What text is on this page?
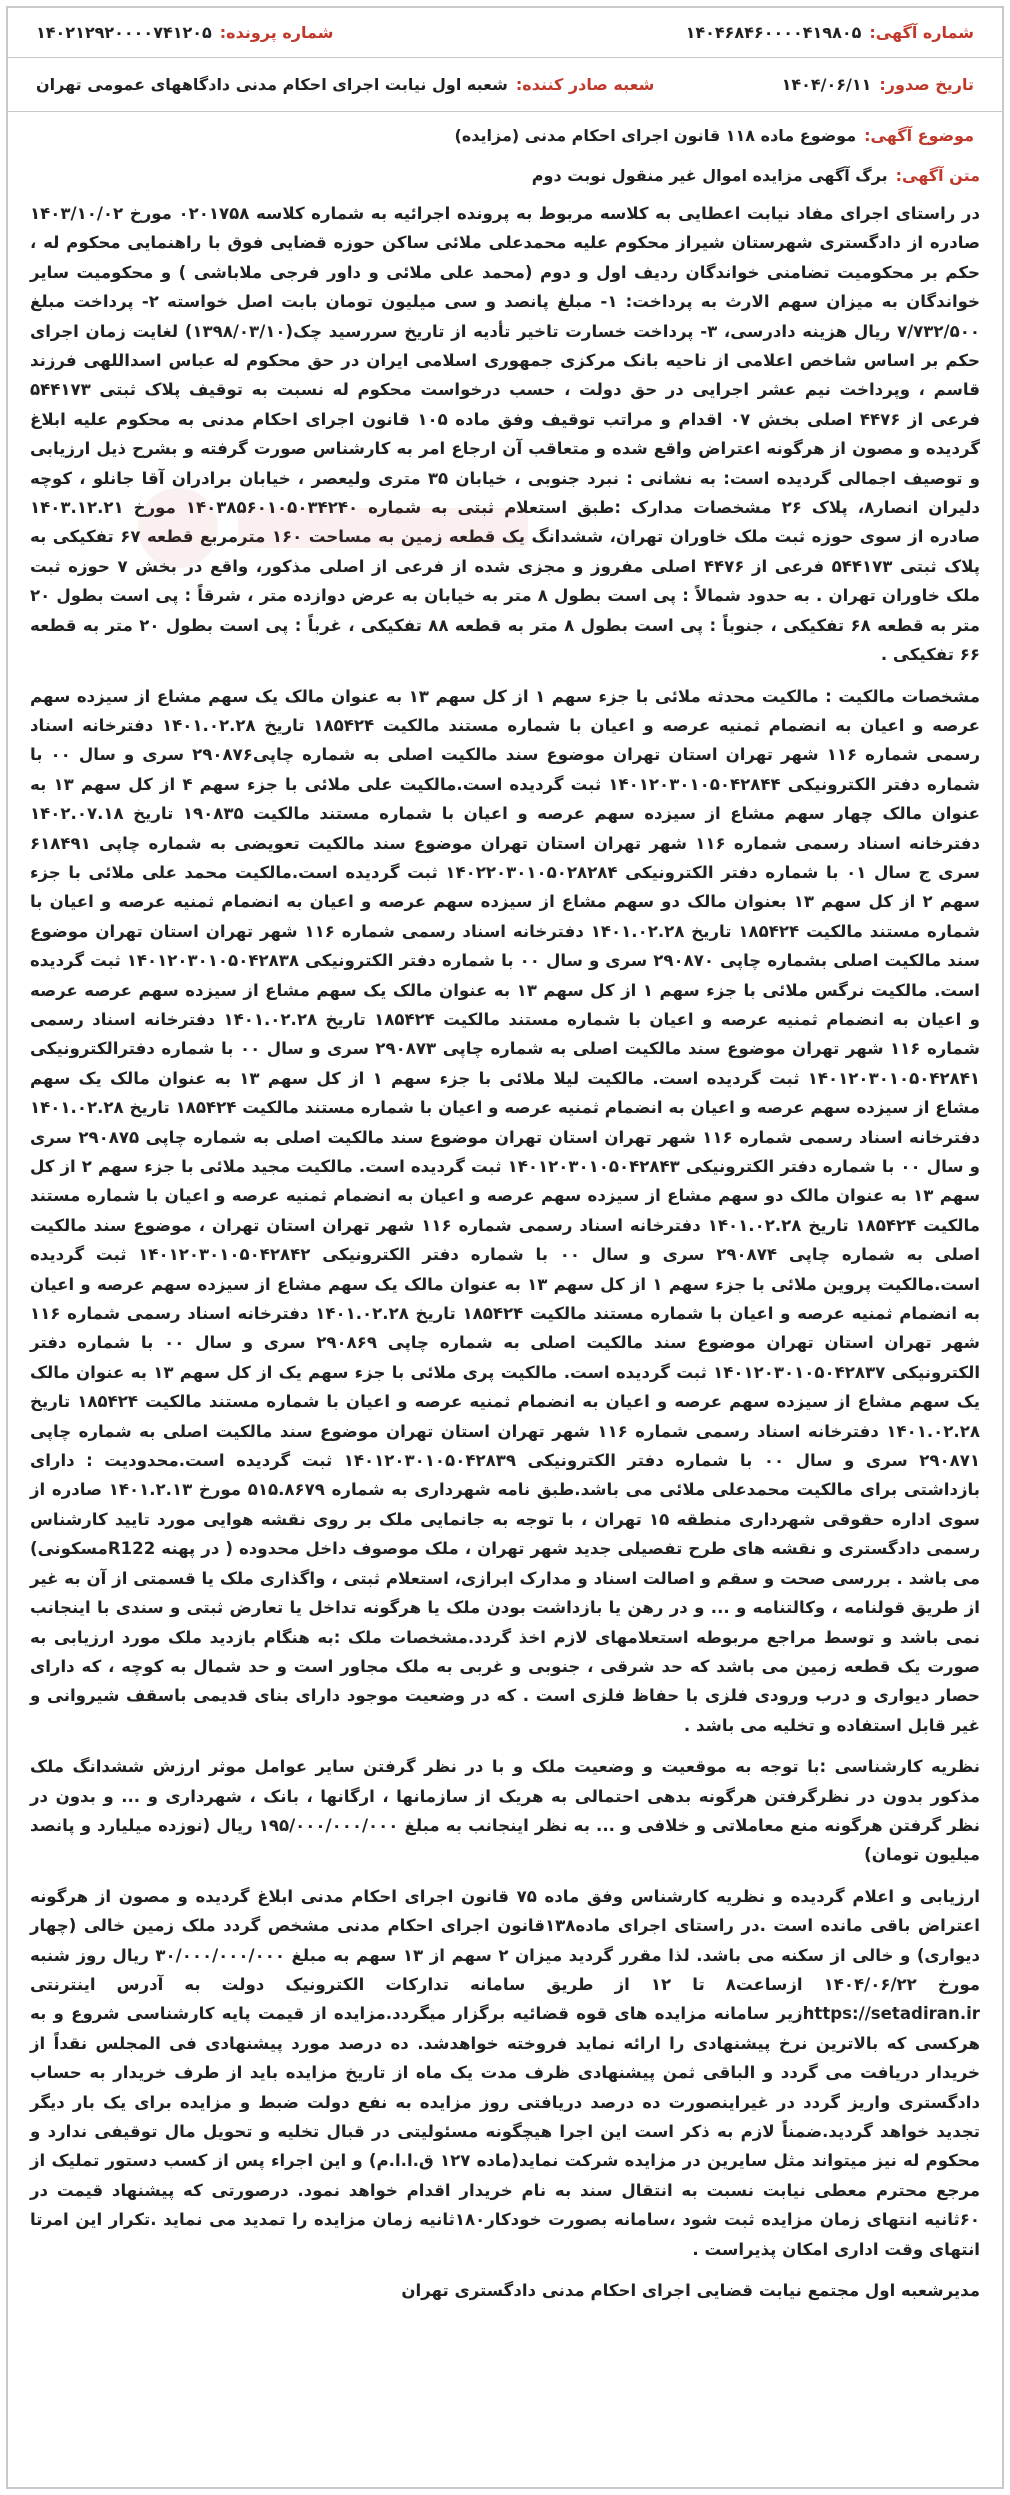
شماره آگهی:
۱۴۰۴۶۸۴۶۰۰۰۰۴۱۹۸۰۵
شماره پرونده:
۱۴۰۲۱۲۹۲۰۰۰۰۷۴۱۲۰۵
تاریخ صدور:
۱۴۰۴/۰۶/۱۱
شعبه صادر کننده:
شعبه اول نیابت اجرای احکام مدنی دادگاههای عمومی تهران
موضوع آگهی:
موضوع ماده ۱۱۸ قانون اجرای احکام مدنی (مزایده)
متن آگهی:
برگ آگهی مزایده اموال غیر منقول نوبت دوم

در راستای اجرای مفاد نیابت اعطایی به کلاسه مربوط به پرونده اجرائیه به شماره کلاسه ۰۲۰۱۷۵۸ مورخ ۱۴۰۳/۱۰/۰۲ صادره از دادگستری شهرستان شیراز محکوم علیه محمدعلی ملائی ساکن حوزه قضایی فوق با راهنمایی محکوم له ، حکم بر محکومیت تضامنی خواندگان ردیف اول و دوم (محمد علی ملائی و داور فرجی ملاباشی ) و محکومیت سایر خواندگان به میزان سهم الارث به پرداخت: ۱- مبلغ پانصد و سی میلیون تومان بابت اصل خواسته ۲- پرداخت مبلغ ۷/۷۳۲/۵۰۰ ریال هزینه دادرسی، ۳- پرداخت خسارت تاخیر تأدیه از تاریخ سررسید چک(۱۳۹۸/۰۳/۱۰) لغایت زمان اجرای حکم بر اساس شاخص اعلامی از ناحیه بانک مرکزی جمهوری اسلامی ایران در حق محکوم له عباس اسداللهی فرزند قاسم ، وپرداخت نیم عشر اجرایی در حق دولت ، حسب درخواست محکوم له نسبت به توقیف پلاک ثبتی ۵۴۴۱۷۳ فرعی از ۴۴۷۶ اصلی بخش ۰۷ اقدام و مراتب توقیف وفق ماده ۱۰۵ قانون اجرای احکام مدنی به محکوم علیه ابلاغ گردیده و مصون از هرگونه اعتراض واقع شده و متعاقب آن ارجاع امر به کارشناس صورت گرفته و بشرح ذیل ارزیابی و توصیف اجمالی گردیده است: به نشانی : نبرد جنوبی ، خیابان ۳۵ متری ولیعصر ، خیابان برادران آقا جانلو ، کوچه دلیران انصار۸، پلاک ۲۶ مشخصات مدارک :طبق استعلام ثبتی به شماره ۱۴۰۳۸۵۶۰۱۰۵۰۳۴۲۴۰ مورخ ۱۴۰۳.۱۲.۲۱ صادره از سوی حوزه ثبت ملک خاوران تهران، ششدانگ یک قطعه زمین به مساحت ۱۶۰ مترمربع قطعه ۶۷ تفکیکی به پلاک ثبتی ۵۴۴۱۷۳ فرعی از ۴۴۷۶ اصلی مفروز و مجزی شده از فرعی از اصلی مذکور، واقع در بخش ۷ حوزه ثبت ملک خاوران تهران . به حدود شمالاً : پی است بطول ۸ متر به خیابان به عرض دوازده متر ، شرقاً : پی است بطول ۲۰ متر به قطعه ۶۸ تفکیکی ، جنوباً : پی است بطول ۸ متر به قطعه ۸۸ تفکیکی ، غرباً : پی است بطول ۲۰ متر به قطعه ۶۶ تفکیکی .

مشخصات مالکیت : مالکیت محدثه ملائی با جزء سهم ۱ از کل سهم ۱۳ به عنوان مالک یک سهم مشاع از سیزده سهم عرصه و اعیان به انضمام ثمنیه عرصه و اعیان با شماره مستند مالکیت ۱۸۵۴۲۴ تاریخ ۱۴۰۱.۰۲.۲۸ دفترخانه اسناد رسمی شماره ۱۱۶ شهر تهران استان تهران موضوع سند مالکیت اصلی به شماره چاپی۲۹۰۸۷۶ سری و سال ۰۰ با شماره دفتر الکترونیکی ۱۴۰۱۲۰۳۰۱۰۵۰۴۲۸۴۴ ثبت گردیده است.مالکیت علی ملائی با جزء سهم ۴ از کل سهم ۱۳ به عنوان مالک چهار سهم مشاع از سیزده سهم عرصه و اعیان با شماره مستند مالکیت ۱۹۰۸۳۵ تاریخ ۱۴۰۲.۰۷.۱۸ دفترخانه اسناد رسمی شماره ۱۱۶ شهر تهران استان تهران موضوع سند مالکیت تعویضی به شماره چاپی ۶۱۸۴۹۱ سری ج سال ۰۱ با شماره دفتر الکترونیکی ۱۴۰۲۲۰۳۰۱۰۵۰۲۸۲۸۴ ثبت گردیده است.مالکیت محمد علی ملائی با جزء سهم ۲ از کل سهم ۱۳ بعنوان مالک دو سهم مشاع از سیزده سهم عرصه و اعیان به انضمام ثمنیه عرصه و اعیان با شماره مستند مالکیت ۱۸۵۴۲۴ تاریخ ۱۴۰۱.۰۲.۲۸ دفترخانه اسناد رسمی شماره ۱۱۶ شهر تهران استان تهران موضوع سند مالکیت اصلی بشماره چاپی ۲۹۰۸۷۰ سری و سال ۰۰ با شماره دفتر الکترونیکی ۱۴۰۱۲۰۳۰۱۰۵۰۴۲۸۳۸ ثبت گردیده است. مالکیت نرگس ملائی با جزء سهم ۱ از کل سهم ۱۳ به عنوان مالک یک سهم مشاع از سیزده سهم عرصه عرصه و اعیان به انضمام ثمنیه عرصه و اعیان با شماره مستند مالکیت ۱۸۵۴۲۴ تاریخ ۱۴۰۱.۰۲.۲۸ دفترخانه اسناد رسمی شماره ۱۱۶ شهر تهران موضوع سند مالکیت اصلی به شماره چاپی ۲۹۰۸۷۳ سری و سال ۰۰ با شماره دفترالکترونیکی ۱۴۰۱۲۰۳۰۱۰۵۰۴۲۸۴۱ ثبت گردیده است. مالکیت لیلا ملائی با جزء سهم ۱ از کل سهم ۱۳ به عنوان مالک یک سهم مشاع از سیزده سهم عرصه و اعیان به انضمام ثمنیه عرصه و اعیان با شماره مستند مالکیت ۱۸۵۴۲۴ تاریخ ۱۴۰۱.۰۲.۲۸ دفترخانه اسناد رسمی شماره ۱۱۶ شهر تهران استان تهران موضوع سند مالکیت اصلی به شماره چاپی ۲۹۰۸۷۵ سری و سال ۰۰ با شماره دفتر الکترونیکی ۱۴۰۱۲۰۳۰۱۰۵۰۴۲۸۴۳ ثبت گردیده است. مالکیت مجید ملائی با جزء سهم ۲ از کل سهم ۱۳ به عنوان مالک دو سهم مشاع از سیزده سهم عرصه و اعیان به انضمام ثمنیه عرصه و اعیان با شماره مستند مالکیت ۱۸۵۴۲۴ تاریخ ۱۴۰۱.۰۲.۲۸ دفترخانه اسناد رسمی شماره ۱۱۶ شهر تهران استان تهران ، موضوع سند مالکیت اصلی به شماره چاپی ۲۹۰۸۷۴ سری و سال ۰۰ با شماره دفتر الکترونیکی ۱۴۰۱۲۰۳۰۱۰۵۰۴۲۸۴۲ ثبت گردیده است.مالکیت پروین ملائی با جزء سهم ۱ از کل سهم ۱۳ به عنوان مالک یک سهم مشاع از سیزده سهم عرصه و اعیان به انضمام ثمنیه عرصه و اعیان با شماره مستند مالکیت ۱۸۵۴۲۴ تاریخ ۱۴۰۱.۰۲.۲۸ دفترخانه اسناد رسمی شماره ۱۱۶ شهر تهران استان تهران موضوع سند مالکیت اصلی به شماره چاپی ۲۹۰۸۶۹ سری و سال ۰۰ با شماره دفتر الکترونیکی ۱۴۰۱۲۰۳۰۱۰۵۰۴۲۸۳۷ ثبت گردیده است. مالکیت پری ملائی با جزء سهم یک از کل سهم ۱۳ به عنوان مالک یک سهم مشاع از سیزده سهم عرصه و اعیان به انضمام ثمنیه عرصه و اعیان با شماره مستند مالکیت ۱۸۵۴۲۴ تاریخ ۱۴۰۱.۰۲.۲۸ دفترخانه اسناد رسمی شماره ۱۱۶ شهر تهران استان تهران موضوع سند مالکیت اصلی به شماره چاپی ۲۹۰۸۷۱ سری و سال ۰۰ با شماره دفتر الکترونیکی ۱۴۰۱۲۰۳۰۱۰۵۰۴۲۸۳۹ ثبت گردیده است.محدودیت : دارای بازداشتی برای مالکیت محمدعلی ملائی می باشد.طبق نامه شهرداری به شماره ۵۱۵.۸۶۷۹ مورخ ۱۴۰۱.۲.۱۳ صادره از سوی اداره حقوقی شهرداری منطقه ۱۵ تهران ، با توجه به جانمایی ملک بر روی نقشه هوایی مورد تایید کارشناس رسمی دادگستری و نقشه های طرح تفصیلی جدید شهر تهران ، ملک موصوف داخل محدوده ( در پهنه R122مسکونی) می باشد . بررسی صحت و سقم و اصالت اسناد و مدارک ابرازی، استعلام ثبتی ، واگذاری ملک یا قسمتی از آن به غیر از طریق قولنامه ، وکالتنامه و ... و در رهن یا بازداشت بودن ملک یا هرگونه تداخل یا تعارض ثبتی و سندی با اینجانب نمی باشد و توسط مراجع مربوطه استعلامهای لازم اخذ گردد.مشخصات ملک :به هنگام بازدید ملک مورد ارزیابی به صورت یک قطعه زمین می باشد که حد شرقی ، جنوبی و غربی به ملک مجاور است و حد شمال به کوچه ، که دارای حصار دیواری و درب ورودی فلزی با حفاظ فلزی است . که در وضعیت موجود دارای بنای قدیمی باسقف شیروانی و غیر قابل استفاده و تخلیه می باشد .

نظریه کارشناسی :با توجه به موقعیت و وضعیت ملک و با در نظر گرفتن سایر عوامل موثر ارزش ششدانگ ملک مذکور بدون در نظرگرفتن هرگونه بدهی احتمالی به هریک از سازمانها ، ارگانها ، بانک ، شهرداری و ... و بدون در نظر گرفتن هرگونه منع معاملاتی و خلافی و ... به نظر اینجانب به مبلغ ۱۹۵/۰۰۰/۰۰۰/۰۰۰ ریال (نوزده میلیارد و پانصد میلیون تومان)

ارزیابی و اعلام گردیده و نظریه کارشناس وفق ماده ۷۵ قانون اجرای احکام مدنی ابلاغ گردیده و مصون از هرگونه اعتراض باقی مانده است .در راستای اجرای ماده۱۳۸قانون اجرای احکام مدنی مشخص گردد ملک زمین خالی (چهار دیواری) و خالی از سکنه می باشد. لذا مقرر گردید میزان ۲ سهم از ۱۳ سهم به مبلغ ۳۰/۰۰۰/۰۰۰/۰۰۰ ریال روز شنبه مورخ ۱۴۰۴/۰۶/۲۲ ازساعت۸ تا ۱۲ از طریق سامانه تدارکات الکترونیک دولت به آدرس اینترنتی https://setadiran.irزیر سامانه مزایده های قوه قضائیه برگزار میگردد.مزایده از قیمت پایه کارشناسی شروع و به هرکسی که بالاترین نرخ پیشنهادی را ارائه نماید فروخته خواهدشد. ده درصد مورد پیشنهادی فی المجلس نقداً از خریدار دریافت می گردد و الباقی ثمن پیشنهادی ظرف مدت یک ماه از تاریخ مزایده باید از طرف خریدار به حساب دادگستری واریز گردد در غیراینصورت ده درصد دریافتی روز مزایده به نفع دولت ضبط و مزایده برای یک بار دیگر تجدید خواهد گردید.ضمناً لازم به ذکر است این اجرا هیچگونه مسئولیتی در قبال تخلیه و تحویل مال توقیفی ندارد و محکوم له نیز میتواند مثل سایرین در مزایده شرکت نماید(ماده ۱۲۷ ق.ا.ا.م) و این اجراء پس از کسب دستور تملیک از مرجع محترم معطی نیابت نسبت به انتقال سند به نام خریدار اقدام خواهد نمود. درصورتی که پیشنهاد قیمت در ۶۰ثانیه انتهای زمان مزایده ثبت شود ،سامانه بصورت خودکار۱۸۰ثانیه زمان مزایده را تمدید می نماید .تکرار این امرتا انتهای وقت اداری امکان پذیراست .

مدیرشعبه اول مجتمع نیابت قضایی اجرای احکام مدنی دادگستری تهران
